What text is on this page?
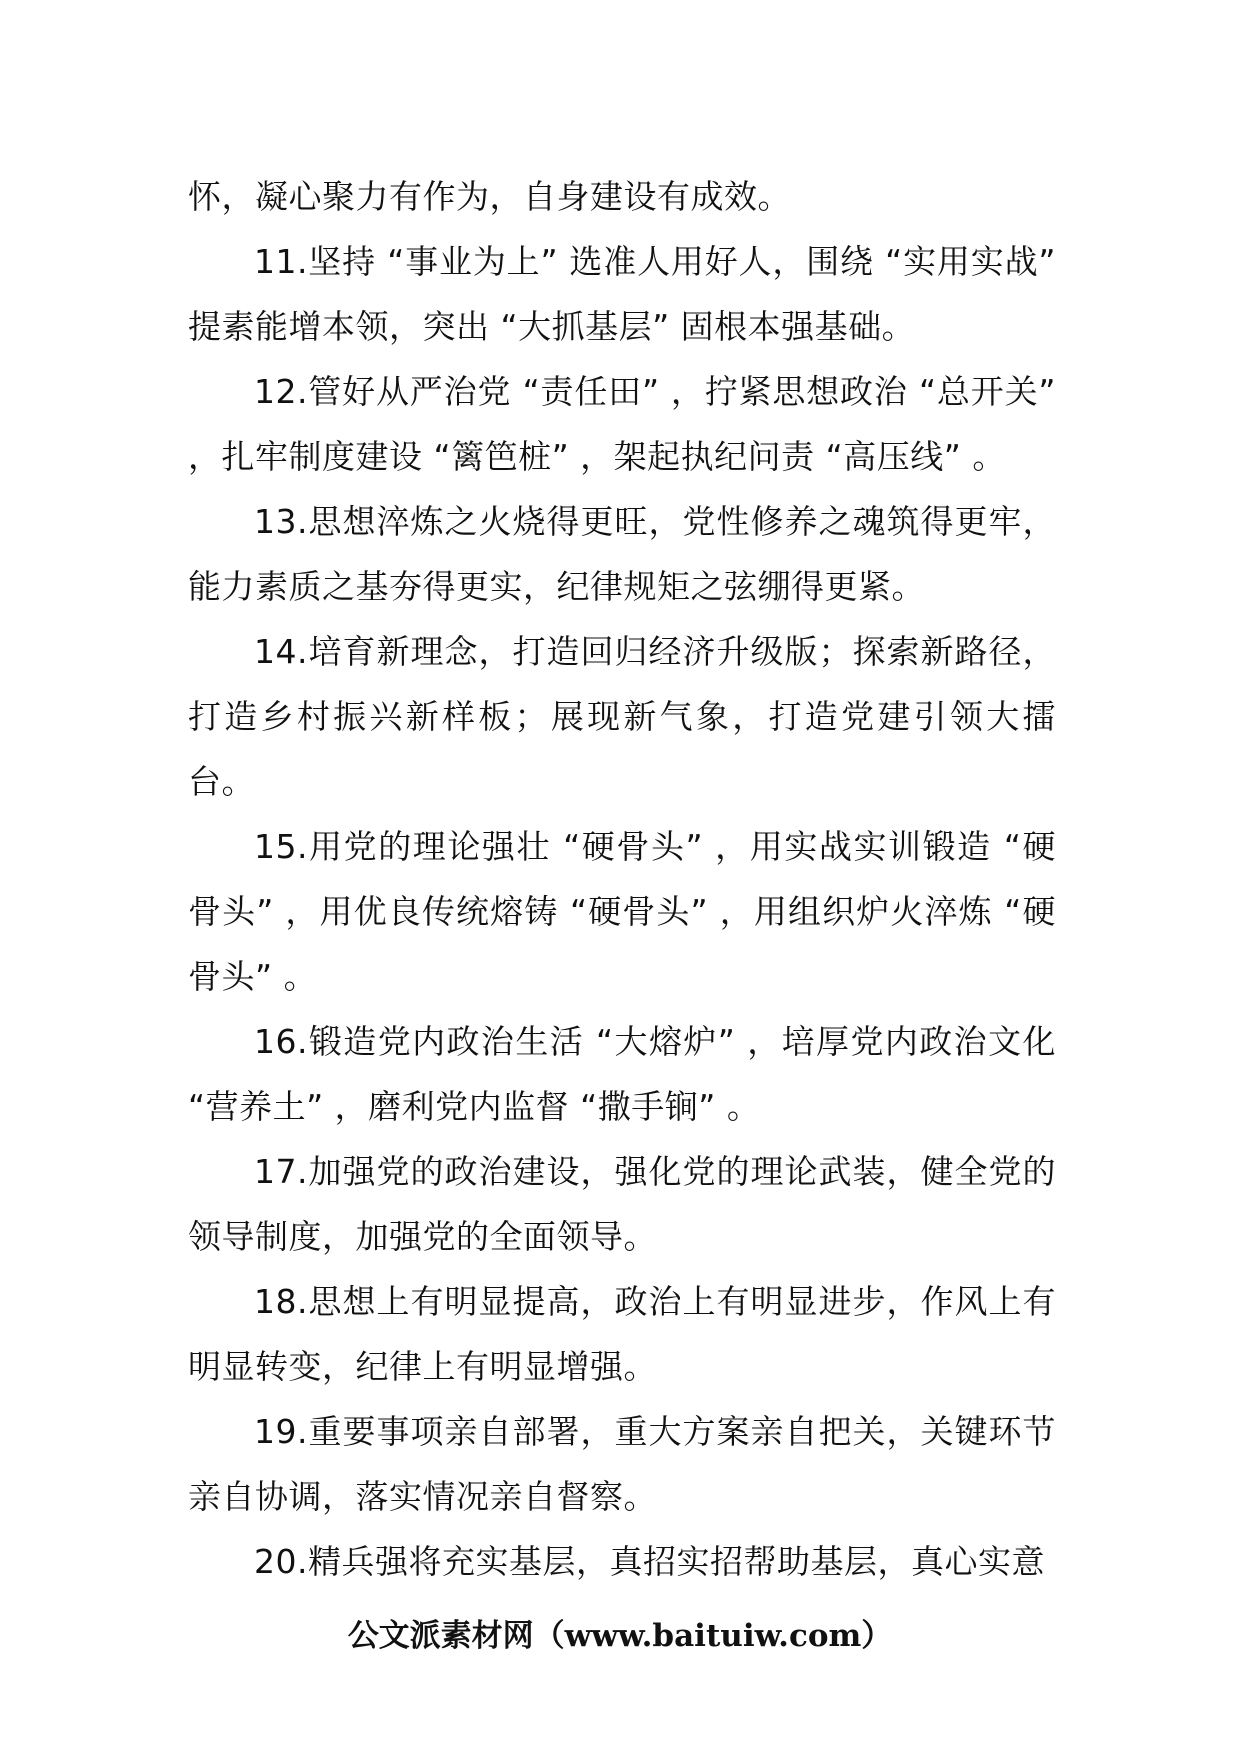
怀，凝心聚力有作为，自身建设有成效。

11.坚持 “事业为上” 选准人用好人，围绕 “实用实战” 提素能增本领，突出 “大抓基层” 固根本强基础。

12.管好从严治党 “责任田” ，拧紧思想政治 “总开关” ，扎牢制度建设 “篱笆桩” ，架起执纪问责 “高压线” 。

13.思想淬炼之火烧得更旺，党性修养之魂筑得更牢，能力素质之基夯得更实，纪律规矩之弦绷得更紧。

14.培育新理念，打造回归经济升级版；探索新路径，打造乡村振兴新样板；展现新气象，打造党建引领大擂台。

15.用党的理论强壮 “硬骨头” ，用实战实训锻造 “硬骨头” ，用优良传统熔铸 “硬骨头” ，用组织炉火淬炼 “硬骨头” 。

16.锻造党内政治生活 “大熔炉” ，培厚党内政治文化 “营养土” ，磨利党内监督 “撒手锏” 。

17.加强党的政治建设，强化党的理论武装，健全党的领导制度，加强党的全面领导。

18.思想上有明显提高，政治上有明显进步，作风上有明显转变，纪律上有明显增强。

19.重要事项亲自部署，重大方案亲自把关，关键环节亲自协调，落实情况亲自督察。

20.精兵强将充实基层，真招实招帮助基层，真心实意

公文派素材网（www.baituiw.com）
